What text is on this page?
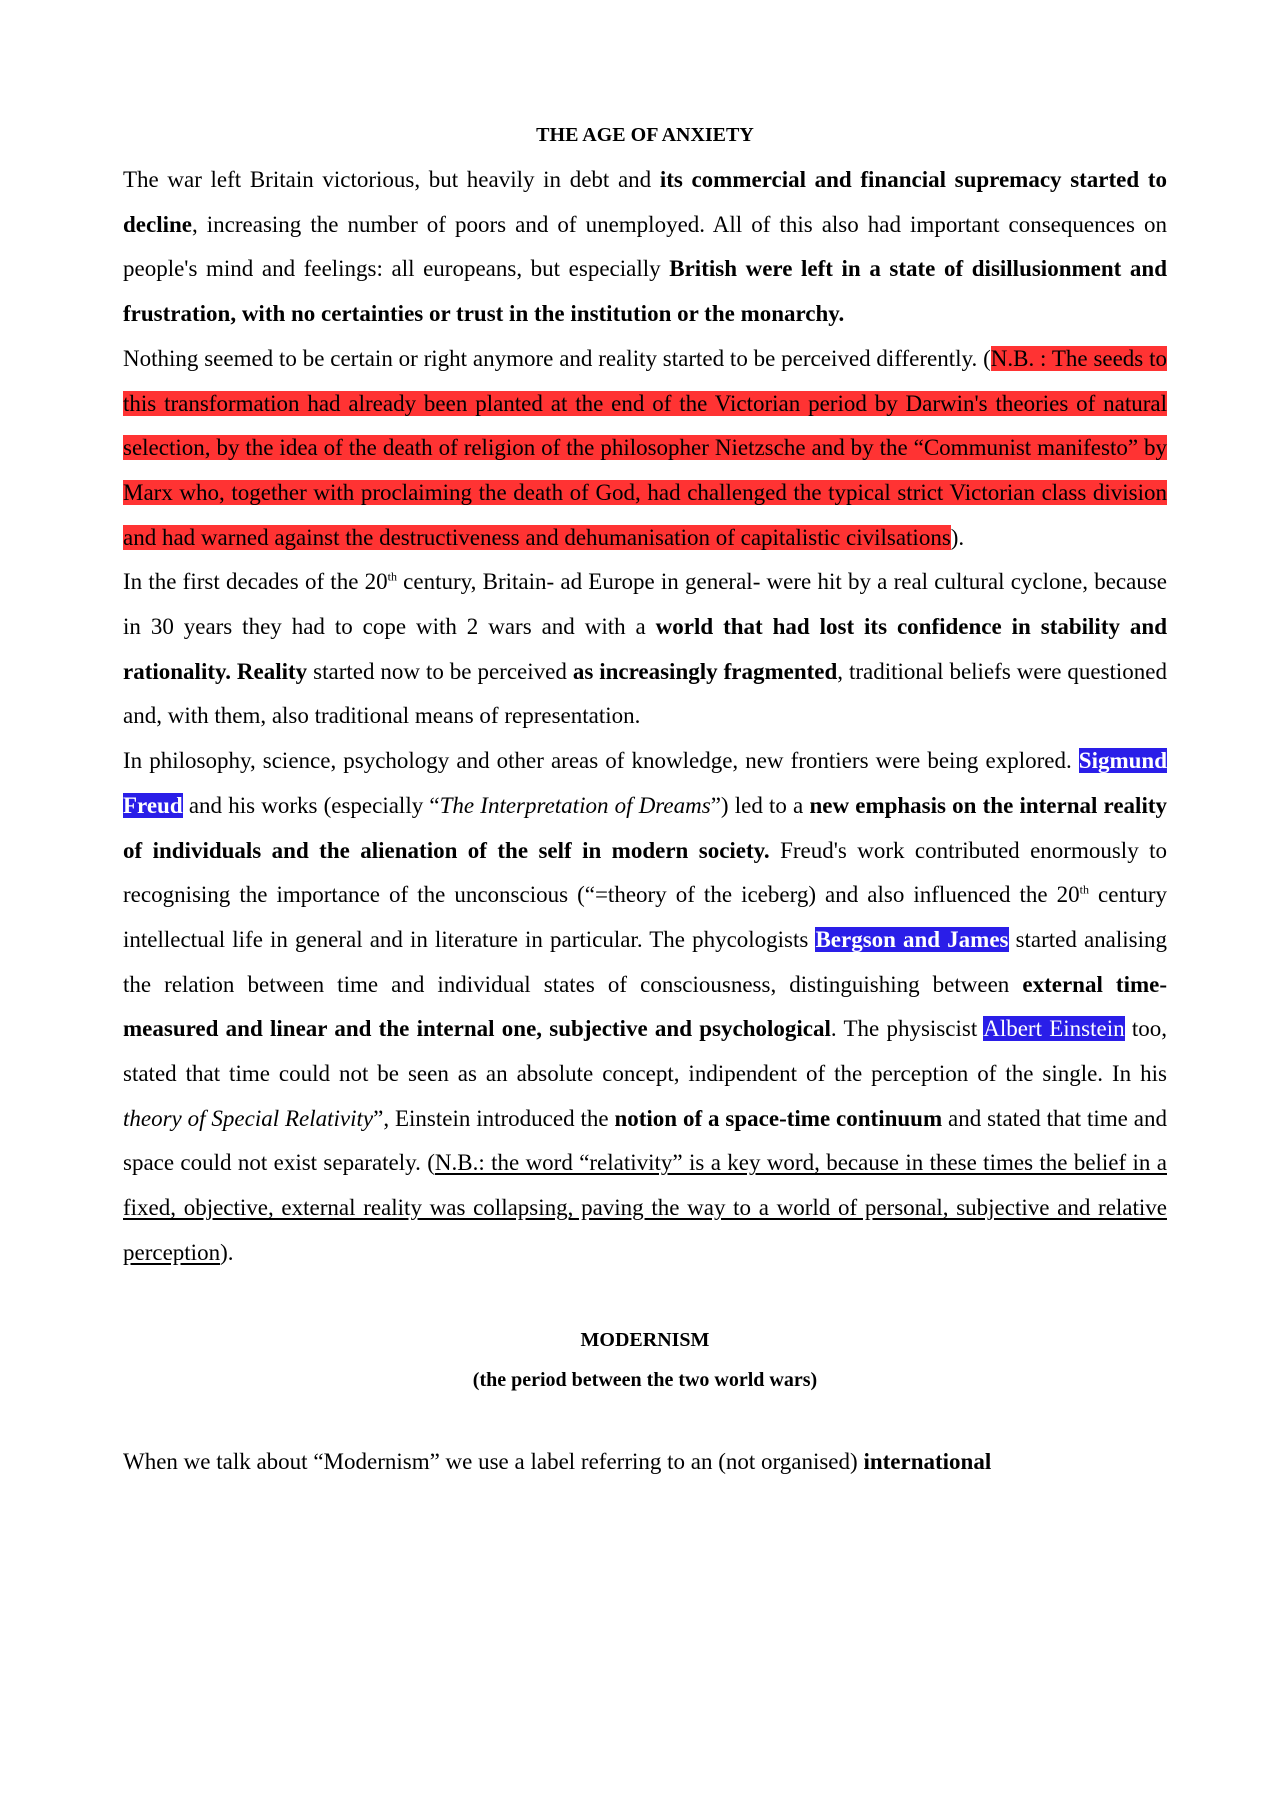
THE AGE OF ANXIETY

The war left Britain victorious, but heavily in debt and its commercial and financial supremacy started to decline, increasing the number of poors and of unemployed. All of this also had important consequences on people's mind and feelings: all europeans, but especially British were left in a state of disillusionment and frustration, with no certainties or trust in the institution or the monarchy.

Nothing seemed to be certain or right anymore and reality started to be perceived differently. (N.B. : The seeds to this transformation had already been planted at the end of the Victorian period by Darwin's theories of natural selection, by the idea of the death of religion of the philosopher Nietzsche and by the “Communist manifesto” by Marx who, together with proclaiming the death of God, had challenged the typical strict Victorian class division and had warned against the destructiveness and dehumanisation of capitalistic civilsations).

In the first decades of the 20th century, Britain- ad Europe in general- were hit by a real cultural cyclone, because in 30 years they had to cope with 2 wars and with a world that had lost its confidence in stability and rationality. Reality started now to be perceived as increasingly fragmented, traditional beliefs were questioned and, with them, also traditional means of representation.

In philosophy, science, psychology and other areas of knowledge, new frontiers were being explored. Sigmund Freud and his works (especially “The Interpretation of Dreams”) led to a new emphasis on the internal reality of individuals and the alienation of the self in modern society. Freud's work contributed enormously to recognising the importance of the unconscious (“=theory of the iceberg) and also influenced the 20th century intellectual life in general and in literature in particular. The phycologists Bergson and James started analising the relation between time and individual states of consciousness, distinguishing between external time-measured and linear and the internal one, subjective and psychological. The physiscist Albert Einstein too, stated that time could not be seen as an absolute concept, indipendent of the perception of the single. In his theory of Special Relativity”, Einstein introduced the notion of a space-time continuum and stated that time and space could not exist separately. (N.B.: the word “relativity” is a key word, because in these times the belief in a fixed, objective, external reality was collapsing, paving the way to a world of personal, subjective and relative perception).

MODERNISM
(the period between the two world wars)

When we talk about “Modernism” we use a label referring to an (not organised) international
